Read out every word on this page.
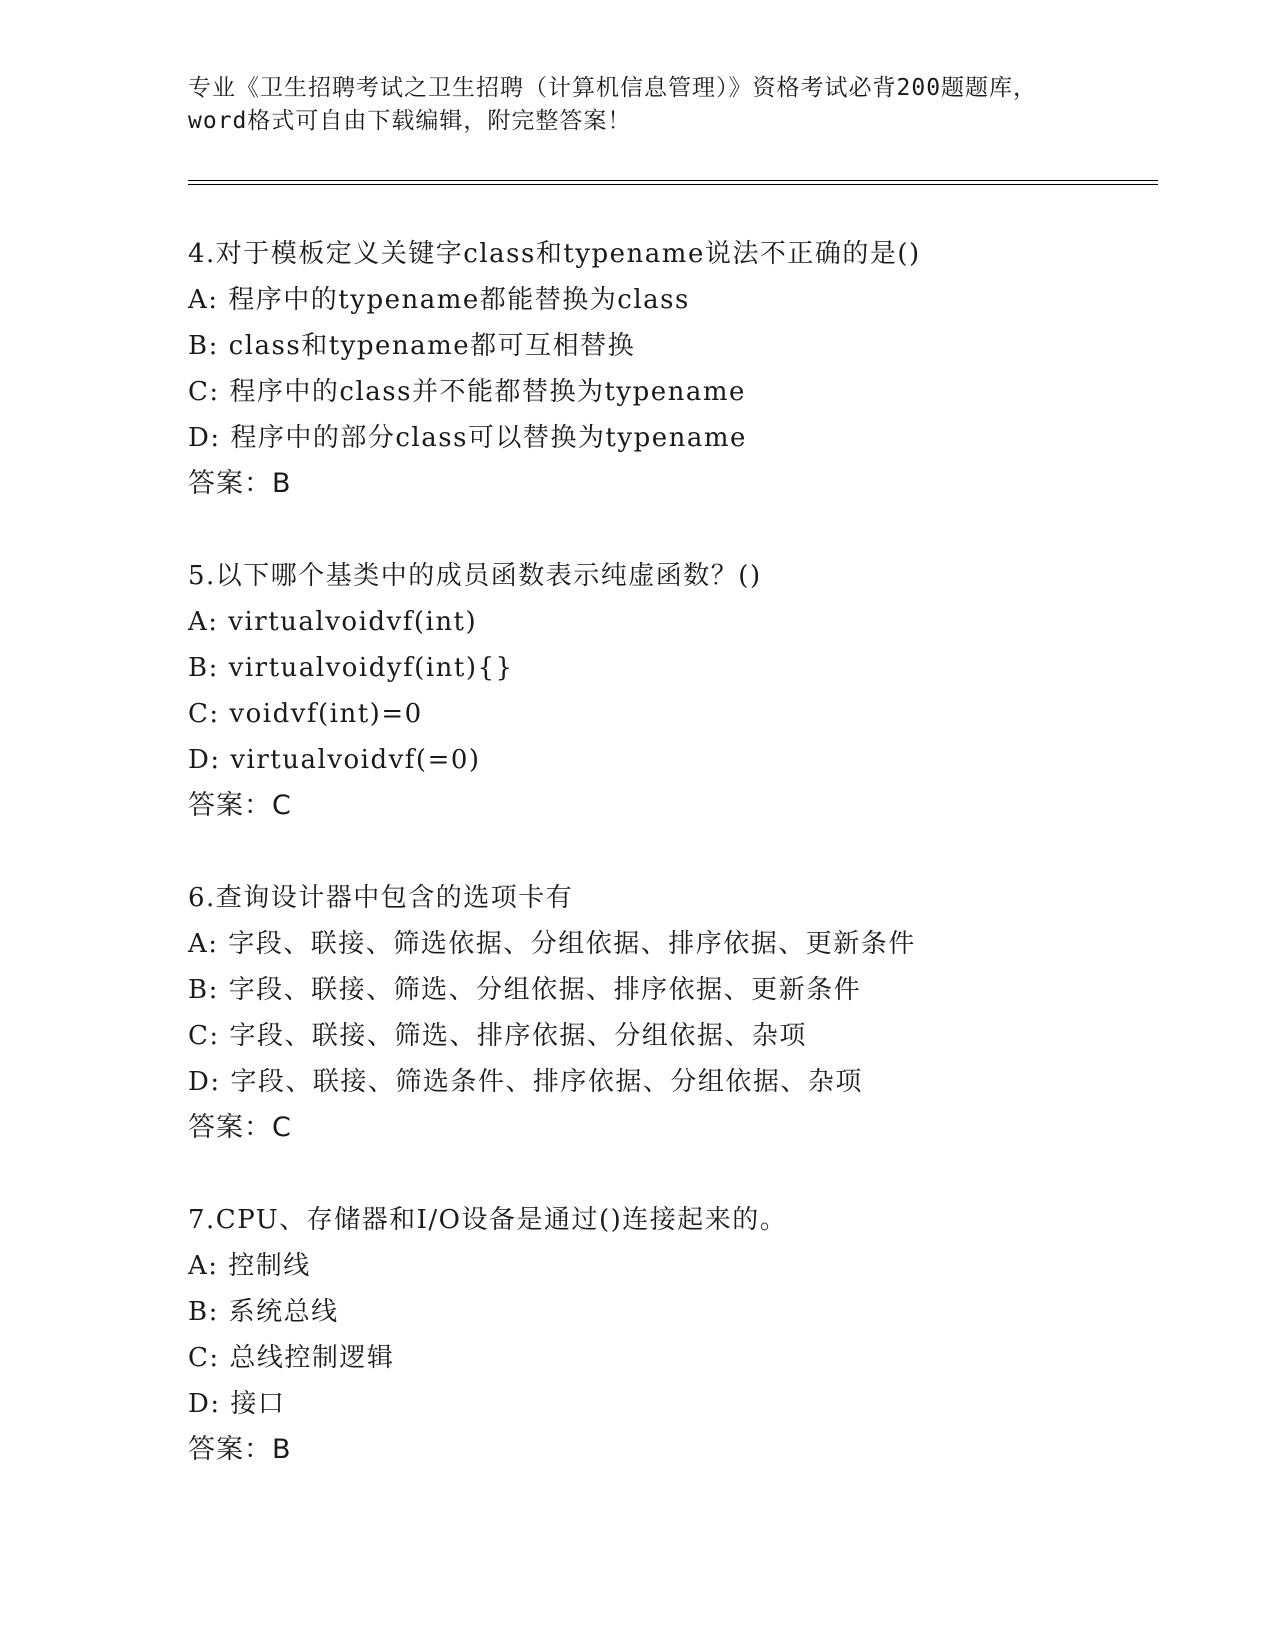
专业《卫生招聘考试之卫生招聘（计算机信息管理）》资格考试必背200题题库，
word格式可自由下载编辑，附完整答案！
4.对于模板定义关键字class和typename说法不正确的是()
A: 程序中的typename都能替换为class
B: class和typename都可互相替换
C: 程序中的class并不能都替换为typename
D: 程序中的部分class可以替换为typename
答案：B
5.以下哪个基类中的成员函数表示纯虚函数？()
A: virtualvoidvf(int)
B: virtualvoidyf(int){}
C: voidvf(int)=0
D: virtualvoidvf(=0)
答案：C
6.查询设计器中包含的选项卡有
A: 字段、联接、筛选依据、分组依据、排序依据、更新条件
B: 字段、联接、筛选、分组依据、排序依据、更新条件
C: 字段、联接、筛选、排序依据、分组依据、杂项
D: 字段、联接、筛选条件、排序依据、分组依据、杂项
答案：C
7.CPU、存储器和I/O设备是通过()连接起来的。
A: 控制线
B: 系统总线
C: 总线控制逻辑
D: 接口
答案：B
